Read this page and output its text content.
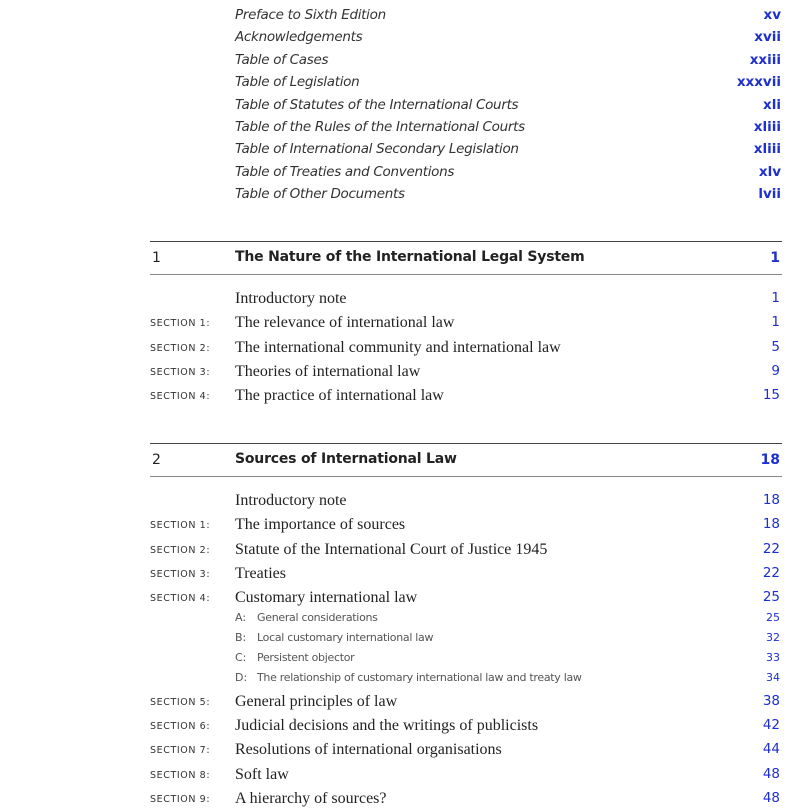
Preface to Sixth Edition	xv
Acknowledgements	xvii
Table of Cases	xxiii
Table of Legislation	xxxvii
Table of Statutes of the International Courts	xli
Table of the Rules of the International Courts	xliii
Table of International Secondary Legislation	xliii
Table of Treaties and Conventions	xlv
Table of Other Documents	lvii
1	The Nature of the International Legal System	1
Introductory note	1
SECTION 1: The relevance of international law	1
SECTION 2: The international community and international law	5
SECTION 3: Theories of international law	9
SECTION 4: The practice of international law	15
2	Sources of International Law	18
Introductory note	18
SECTION 1: The importance of sources	18
SECTION 2: Statute of the International Court of Justice 1945	22
SECTION 3: Treaties	22
SECTION 4: Customary international law	25
A: General considerations	25
B: Local customary international law	32
C: Persistent objector	33
D: The relationship of customary international law and treaty law	34
SECTION 5: General principles of law	38
SECTION 6: Judicial decisions and the writings of publicists	42
SECTION 7: Resolutions of international organisations	44
SECTION 8: Soft law	48
SECTION 9: A hierarchy of sources?	48
